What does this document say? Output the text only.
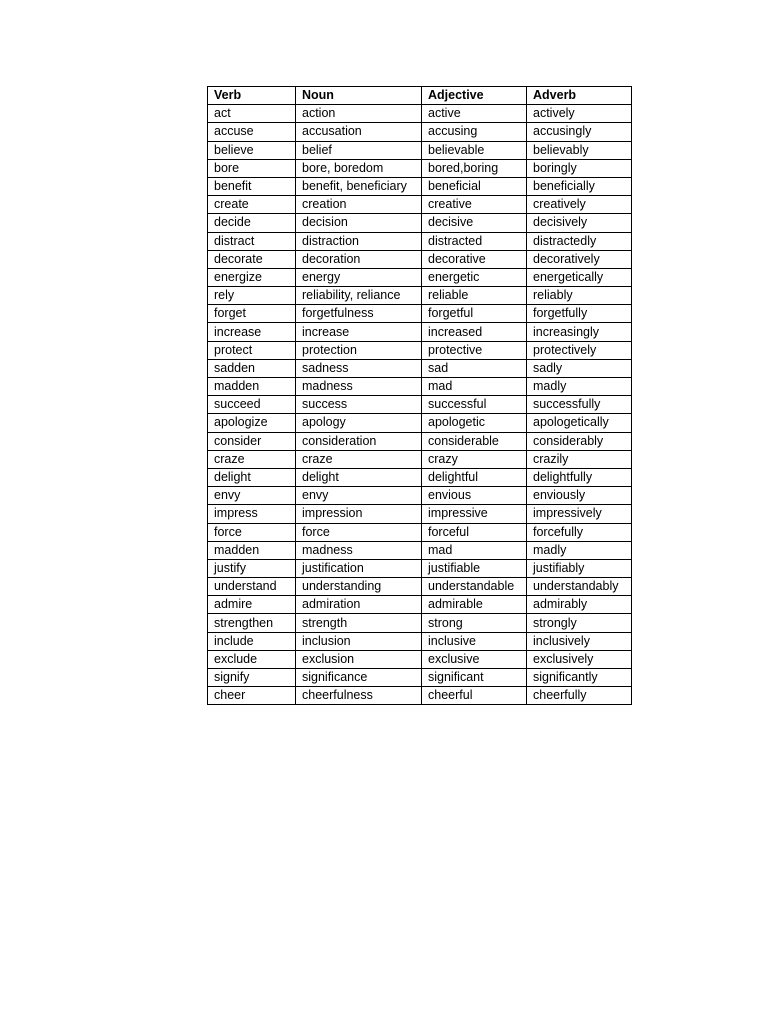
Verb	Noun	Adjective	Adverb
act	action	active	actively
accuse	accusation	accusing	accusingly
believe	belief	believable	believably
bore	bore, boredom	bored,boring	boringly
benefit	benefit, beneficiary	beneficial	beneficially
create	creation	creative	creatively
decide	decision	decisive	decisively
distract	distraction	distracted	distractedly
decorate	decoration	decorative	decoratively
energize	energy	energetic	energetically
rely	reliability, reliance	reliable	reliably
forget	forgetfulness	forgetful	forgetfully
increase	increase	increased	increasingly
protect	protection	protective	protectively
sadden	sadness	sad	sadly
madden	madness	mad	madly
succeed	success	successful	successfully
apologize	apology	apologetic	apologetically
consider	consideration	considerable	considerably
craze	craze	crazy	crazily
delight	delight	delightful	delightfully
envy	envy	envious	enviously
impress	impression	impressive	impressively
force	force	forceful	forcefully
madden	madness	mad	madly
justify	justification	justifiable	justifiably
understand	understanding	understandable	understandably
admire	admiration	admirable	admirably
strengthen	strength	strong	strongly
include	inclusion	inclusive	inclusively
exclude	exclusion	exclusive	exclusively
signify	significance	significant	significantly
cheer	cheerfulness	cheerful	cheerfully
